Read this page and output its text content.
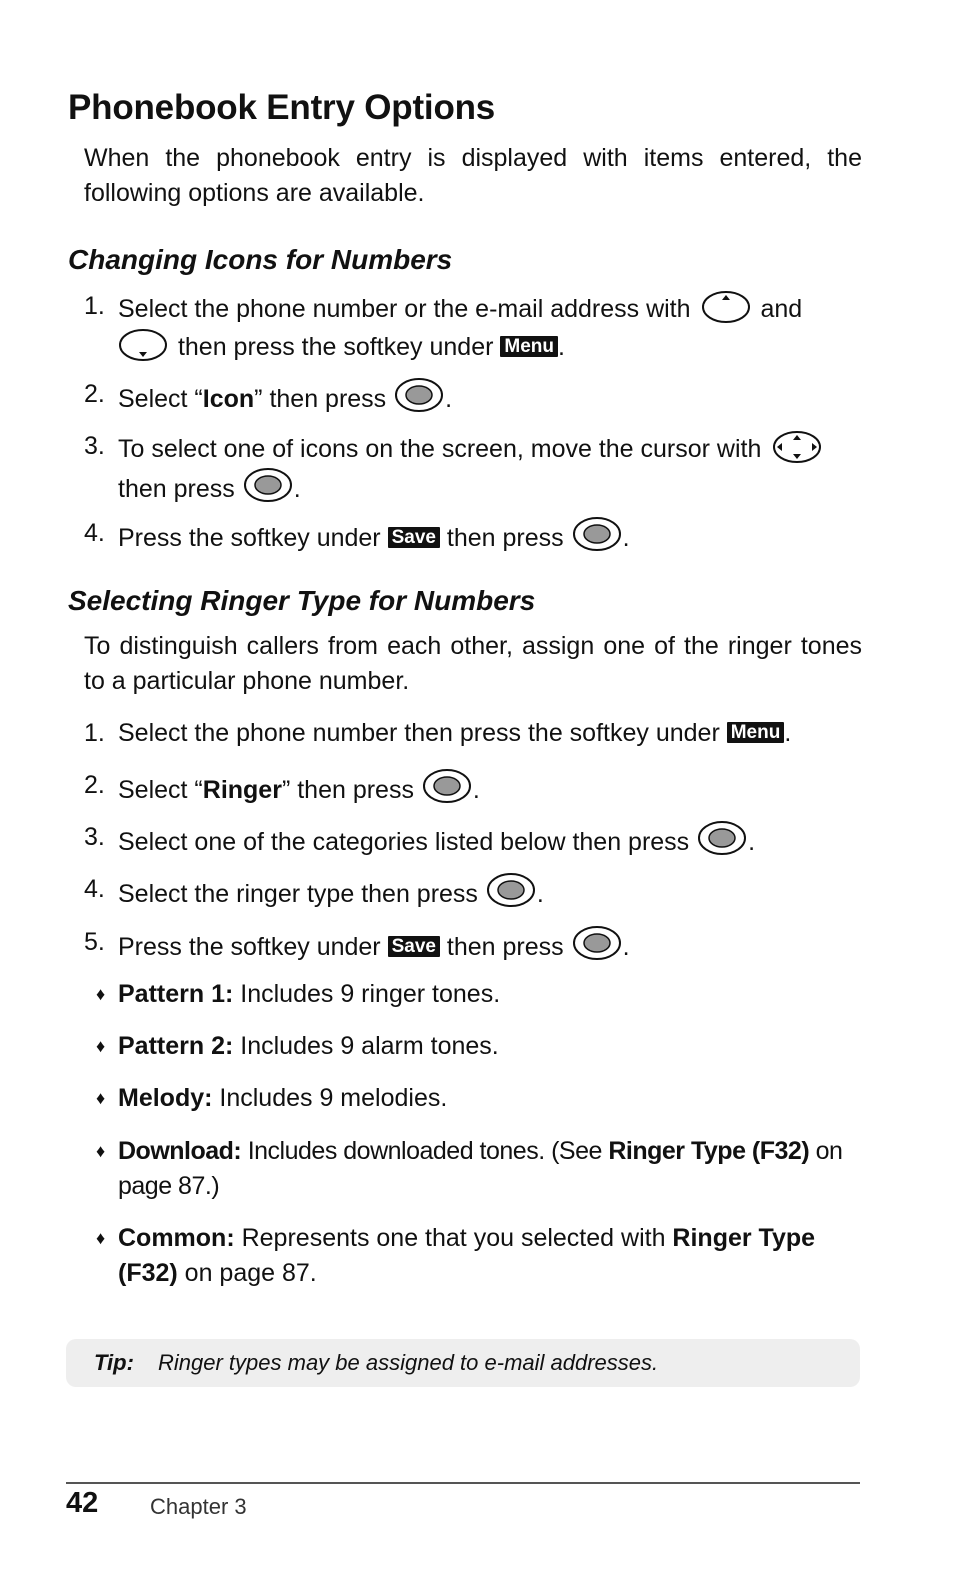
Phonebook Entry Options

When the phonebook entry is displayed with items entered, the following options are available.

Changing Icons for Numbers
1. Select the phone number or the e-mail address with	and
then press the softkey under Menu .
2. Select “Icon” then press .
3. To select one of icons on the screen, move the cursor with
then press .
4. Press the softkey under Save then press .
Selecting Ringer Type for Numbers

To distinguish callers from each other, assign one of the ringer tones to a particular phone number.

1. Select the phone number then press the softkey under Menu .
2. Select “Ringer” then press .
3. Select one of the categories listed below then press .
4. Select the ringer type then press .
5. Press the softkey under Save then press .
♦ Pattern 1: Includes 9 ringer tones.
♦ Pattern 2: Includes 9 alarm tones.
♦ Melody: Includes 9 melodies.
♦ Download: Includes downloaded tones. (See Ringer Type (F32) on page 87.)
♦ Common: Represents one that you selected with Ringer Type (F32) on page 87.
Tip: Ringer types may be assigned to e-mail addresses.
42 Chapter 3
